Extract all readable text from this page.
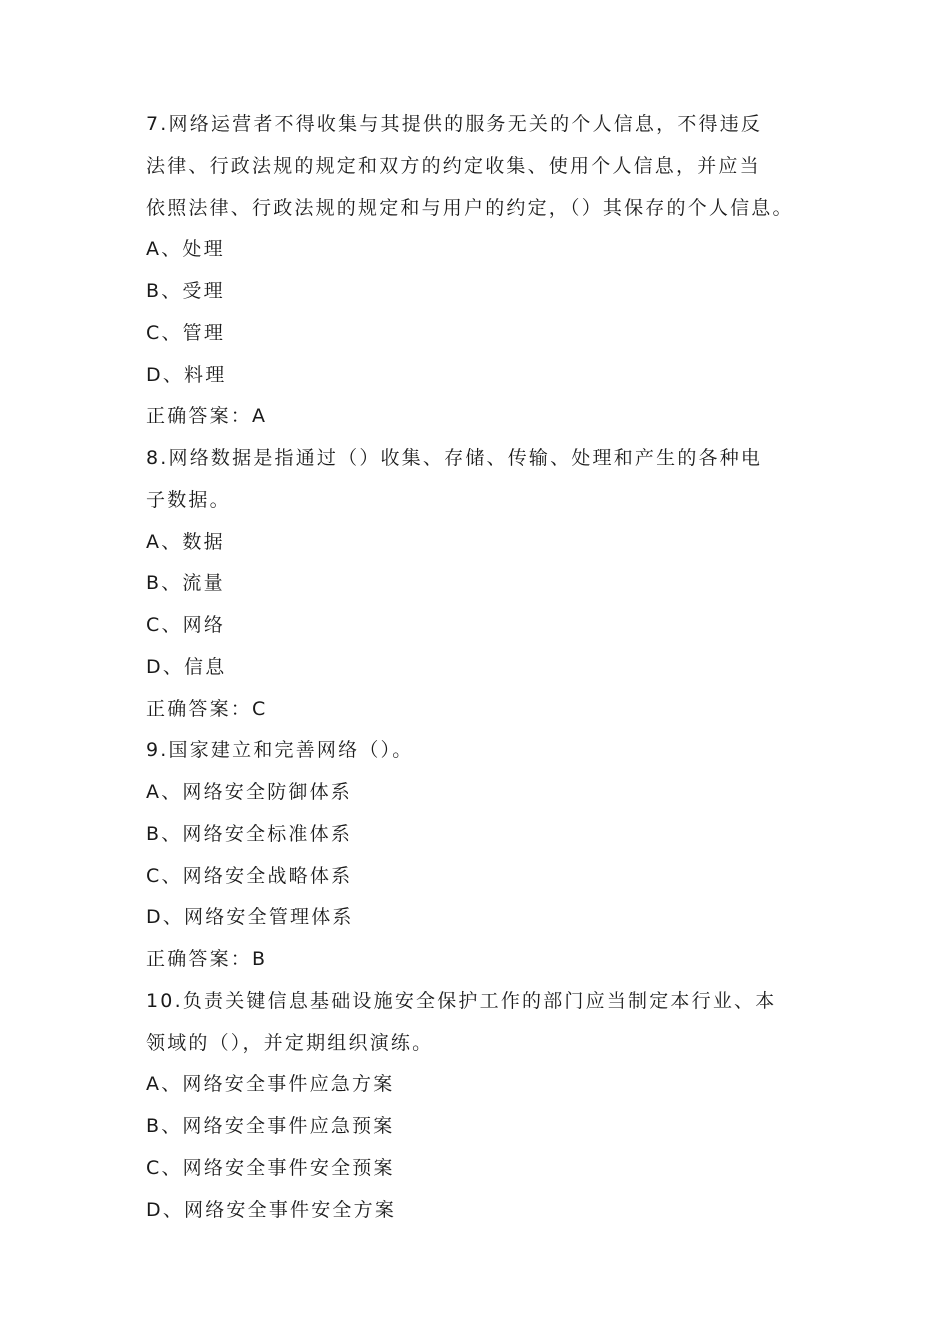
7.网络运营者不得收集与其提供的服务无关的个人信息，不得违反
法律、行政法规的规定和双方的约定收集、使用个人信息，并应当
依照法律、行政法规的规定和与用户的约定，（）其保存的个人信息。
A、处理
B、受理
C、管理
D、料理
正确答案：A
8.网络数据是指通过（）收集、存储、传输、处理和产生的各种电
子数据。
A、数据
B、流量
C、网络
D、信息
正确答案：C
9.国家建立和完善网络（）。
A、网络安全防御体系
B、网络安全标准体系
C、网络安全战略体系
D、网络安全管理体系
正确答案：B
10.负责关键信息基础设施安全保护工作的部门应当制定本行业、本
领域的（），并定期组织演练。
A、网络安全事件应急方案
B、网络安全事件应急预案
C、网络安全事件安全预案
D、网络安全事件安全方案
